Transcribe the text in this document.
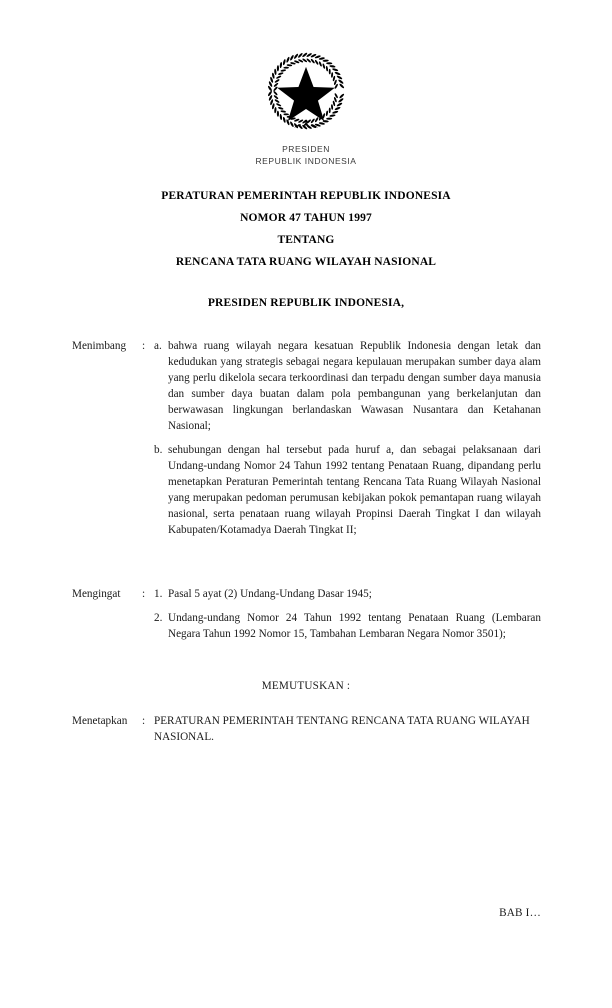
PRESIDEN
REPUBLIK INDONESIA
PERATURAN PEMERINTAH REPUBLIK INDONESIA
NOMOR 47 TAHUN 1997
TENTANG
RENCANA TATA RUANG WILAYAH NASIONAL
PRESIDEN REPUBLIK INDONESIA,
Menimbang	: a. bahwa ruang wilayah negara kesatuan Republik Indonesia dengan letak dan kedudukan yang strategis sebagai negara kepulauan merupakan sumber daya alam yang perlu dikelola secara terkoordinasi dan terpadu dengan sumber daya manusia dan sumber daya buatan dalam pola pembangunan yang berkelanjutan dan berwawasan lingkungan berlandaskan Wawasan Nusantara dan Ketahanan Nasional;
b. sehubungan dengan hal tersebut pada huruf a, dan sebagai pelaksanaan dari Undang-undang Nomor 24 Tahun 1992 tentang Penataan Ruang, dipandang perlu menetapkan Peraturan Pemerintah tentang Rencana Tata Ruang Wilayah Nasional yang merupakan pedoman perumusan kebijakan pokok pemantapan ruang wilayah nasional, serta penataan ruang wilayah Propinsi Daerah Tingkat I dan wilayah Kabupaten/Kotamadya Daerah Tingkat II;
Mengingat	: 1. Pasal 5 ayat (2) Undang-Undang Dasar 1945;
2. Undang-undang Nomor 24 Tahun 1992 tentang Penataan Ruang (Lembaran Negara Tahun 1992 Nomor 15, Tambahan Lembaran Negara Nomor 3501);
MEMUTUSKAN :
Menetapkan	: PERATURAN PEMERINTAH TENTANG RENCANA TATA RUANG WILAYAH NASIONAL.
BAB I…
